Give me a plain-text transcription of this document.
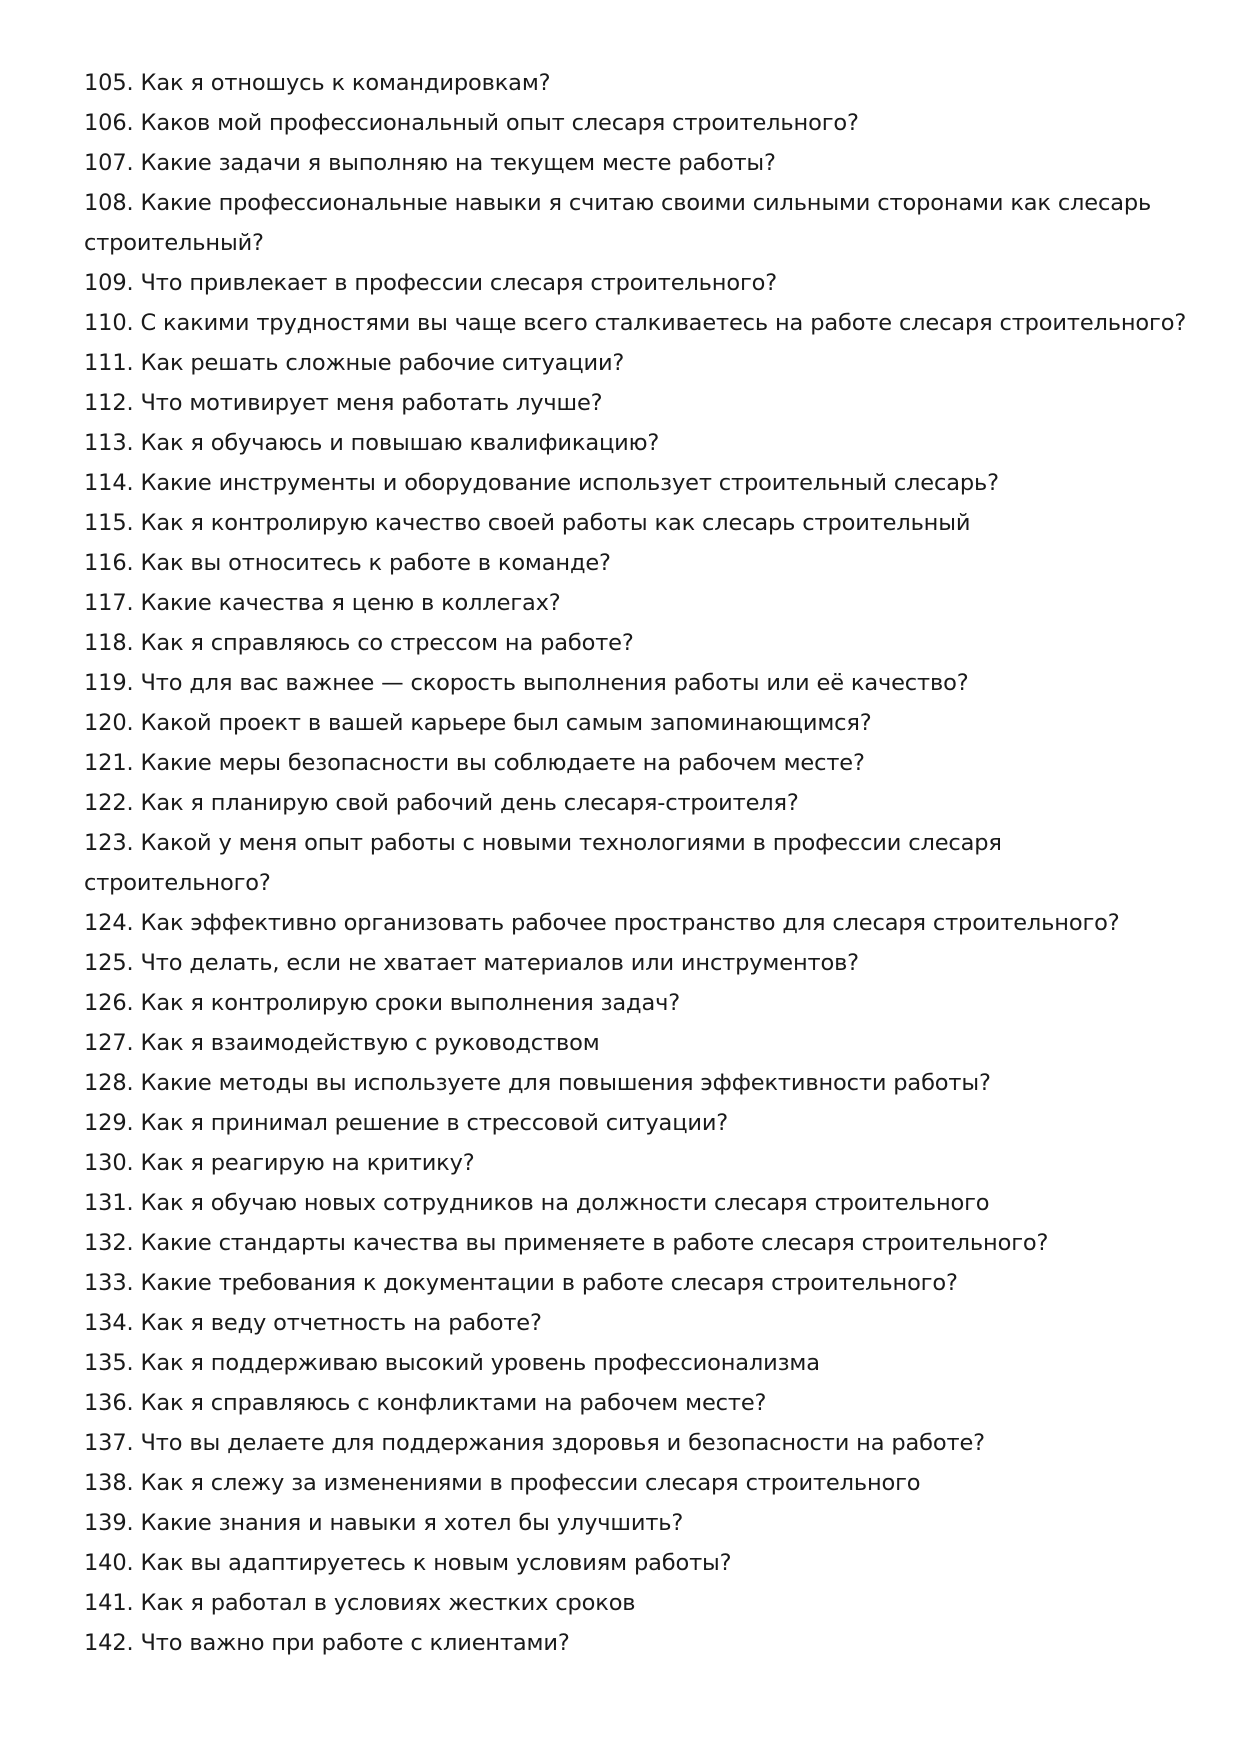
105. Как я отношусь к командировкам?
106. Каков мой профессиональный опыт слесаря строительного?
107. Какие задачи я выполняю на текущем месте работы?
108. Какие профессиональные навыки я считаю своими сильными сторонами как слесарь строительный?
109. Что привлекает в профессии слесаря строительного?
110. С какими трудностями вы чаще всего сталкиваетесь на работе слесаря строительного?
111. Как решать сложные рабочие ситуации?
112. Что мотивирует меня работать лучше?
113. Как я обучаюсь и повышаю квалификацию?
114. Какие инструменты и оборудование использует строительный слесарь?
115. Как я контролирую качество своей работы как слесарь строительный
116. Как вы относитесь к работе в команде?
117. Какие качества я ценю в коллегах?
118. Как я справляюсь со стрессом на работе?
119. Что для вас важнее — скорость выполнения работы или её качество?
120. Какой проект в вашей карьере был самым запоминающимся?
121. Какие меры безопасности вы соблюдаете на рабочем месте?
122. Как я планирую свой рабочий день слесаря-строителя?
123. Какой у меня опыт работы с новыми технологиями в профессии слесаря строительного?
124. Как эффективно организовать рабочее пространство для слесаря строительного?
125. Что делать, если не хватает материалов или инструментов?
126. Как я контролирую сроки выполнения задач?
127. Как я взаимодействую с руководством
128. Какие методы вы используете для повышения эффективности работы?
129. Как я принимал решение в стрессовой ситуации?
130. Как я реагирую на критику?
131. Как я обучаю новых сотрудников на должности слесаря строительного
132. Какие стандарты качества вы применяете в работе слесаря строительного?
133. Какие требования к документации в работе слесаря строительного?
134. Как я веду отчетность на работе?
135. Как я поддерживаю высокий уровень профессионализма
136. Как я справляюсь с конфликтами на рабочем месте?
137. Что вы делаете для поддержания здоровья и безопасности на работе?
138. Как я слежу за изменениями в профессии слесаря строительного
139. Какие знания и навыки я хотел бы улучшить?
140. Как вы адаптируетесь к новым условиям работы?
141. Как я работал в условиях жестких сроков
142. Что важно при работе с клиентами?
